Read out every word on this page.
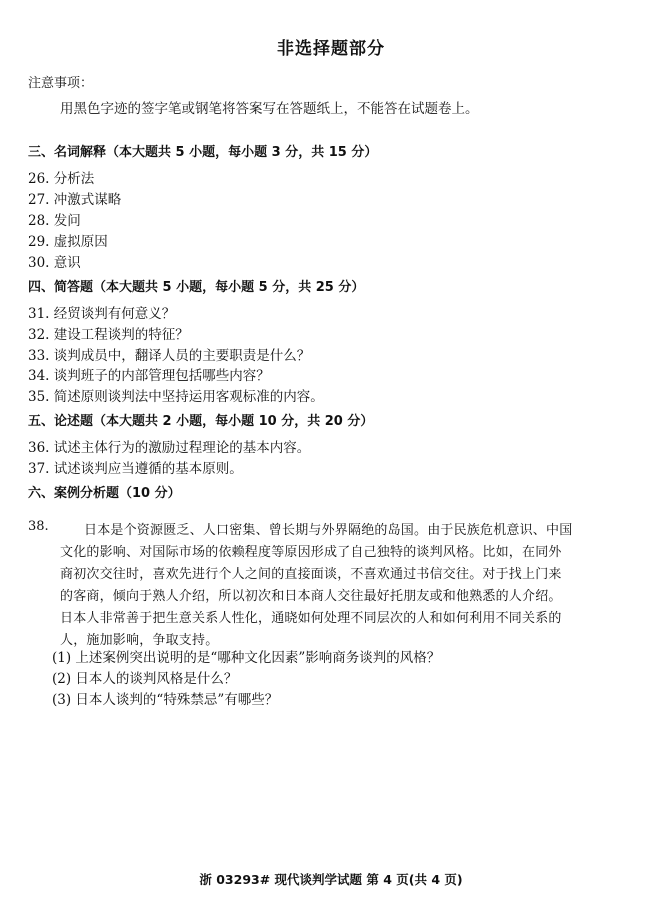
非选择题部分
注意事项：
用黑色字迹的签字笔或钢笔将答案写在答题纸上，不能答在试题卷上。
三、名词解释（本大题共 5 小题，每小题 3 分，共 15 分）
26. 分析法
27. 冲激式谋略
28. 发问
29. 虚拟原因
30. 意识
四、简答题（本大题共 5 小题，每小题 5 分，共 25 分）
31. 经贸谈判有何意义？
32. 建设工程谈判的特征？
33. 谈判成员中，翻译人员的主要职责是什么？
34. 谈判班子的内部管理包括哪些内容？
35. 简述原则谈判法中坚持运用客观标准的内容。
五、论述题（本大题共 2 小题，每小题 10 分，共 20 分）
36. 试述主体行为的激励过程理论的基本内容。
37. 试述谈判应当遵循的基本原则。
六、案例分析题（10 分）
38.	日本是个资源匮乏、人口密集、曾长期与外界隔绝的岛国。由于民族危机意识、中国
文化的影响、对国际市场的依赖程度等原因形成了自己独特的谈判风格。比如，在同外
商初次交往时，喜欢先进行个人之间的直接面谈，不喜欢通过书信交往。对于找上门来
的客商，倾向于熟人介绍，所以初次和日本商人交往最好托朋友或和他熟悉的人介绍。
日本人非常善于把生意关系人性化，通晓如何处理不同层次的人和如何利用不同关系的
人，施加影响，争取支持。
(1) 上述案例突出说明的是“哪种文化因素”影响商务谈判的风格？
(2) 日本人的谈判风格是什么？
(3) 日本人谈判的“特殊禁忌”有哪些？
浙 03293# 现代谈判学试题 第 4 页(共 4 页)
